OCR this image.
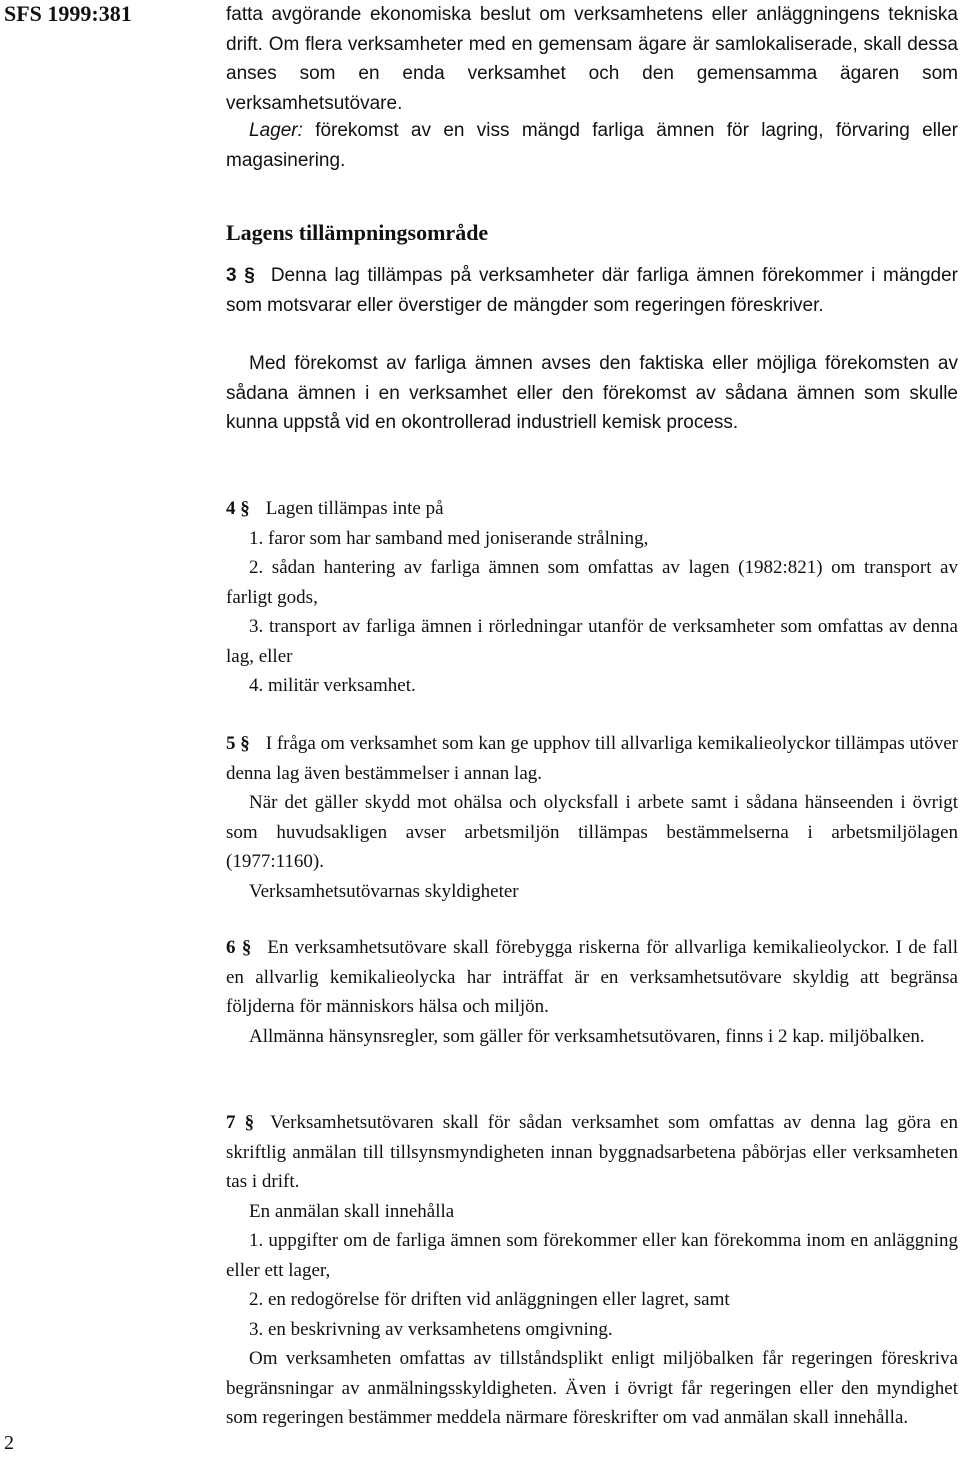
SFS 1999:381
2

fatta avgörande ekonomiska beslut om verksamhetens eller anläggningens tekniska drift. Om flera verksamheter med en gemensam ägare är samlokaliserade, skall dessa anses som en enda verksamhet och den gemensamma ägaren som verksamhetsutövare.

Lager: förekomst av en viss mängd farliga ämnen för lagring, förvaring eller magasinering.

Lagens tillämpningsområde

3 § Denna lag tillämpas på verksamheter där farliga ämnen förekommer i mängder som motsvarar eller överstiger de mängder som regeringen föreskriver.

Med förekomst av farliga ämnen avses den faktiska eller möjliga förekomsten av sådana ämnen i en verksamhet eller den förekomst av sådana ämnen som skulle kunna uppstå vid en okontrollerad industriell kemisk process.

4 § Lagen tillämpas inte på

1. faror som har samband med joniserande strålning,

2. sådan hantering av farliga ämnen som omfattas av lagen (1982:821) om transport av farligt gods,

3. transport av farliga ämnen i rörledningar utanför de verksamheter som omfattas av denna lag, eller

4. militär verksamhet.

5 § I fråga om verksamhet som kan ge upphov till allvarliga kemikalieolyckor tillämpas utöver denna lag även bestämmelser i annan lag.

När det gäller skydd mot ohälsa och olycksfall i arbete samt i sådana hänseenden i övrigt som huvudsakligen avser arbetsmiljön tillämpas bestämmelserna i arbetsmiljölagen (1977:1160).

Verksamhetsutövarnas skyldigheter

6 § En verksamhetsutövare skall förebygga riskerna för allvarliga kemikalieolyckor. I de fall en allvarlig kemikalieolycka har inträffat är en verksamhetsutövare skyldig att begränsa följderna för människors hälsa och miljön.

Allmänna hänsynsregler, som gäller för verksamhetsutövaren, finns i 2 kap. miljöbalken.

7 § Verksamhetsutövaren skall för sådan verksamhet som omfattas av denna lag göra en skriftlig anmälan till tillsynsmyndigheten innan byggnadsarbetena påbörjas eller verksamheten tas i drift.

En anmälan skall innehålla

1. uppgifter om de farliga ämnen som förekommer eller kan förekomma inom en anläggning eller ett lager,

2. en redogörelse för driften vid anläggningen eller lagret, samt

3. en beskrivning av verksamhetens omgivning.

Om verksamheten omfattas av tillståndsplikt enligt miljöbalken får regeringen föreskriva begränsningar av anmälningsskyldigheten. Även i övrigt får regeringen eller den myndighet som regeringen bestämmer meddela närmare föreskrifter om vad anmälan skall innehålla.
